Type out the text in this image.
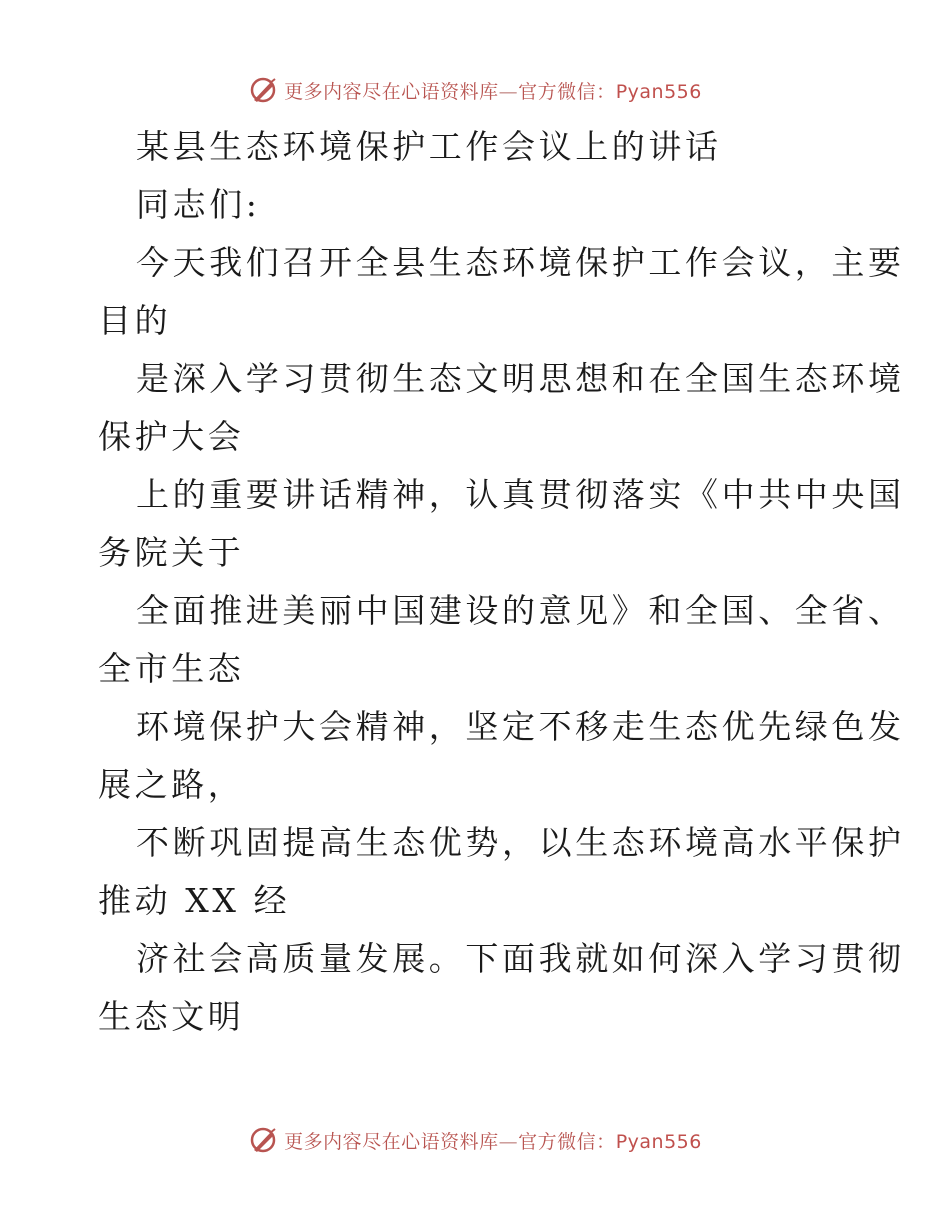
更多内容尽在心语资料库—官方微信：Pyan556
某县生态环境保护工作会议上的讲话
同志们:
今天我们召开全县生态环境保护工作会议，主要
目的
是深入学习贯彻生态文明思想和在全国生态环境
保护大会
上的重要讲话精神，认真贯彻落实《中共中央国
务院关于
全面推进美丽中国建设的意见》和全国、全省、
全市生态
环境保护大会精神，坚定不移走生态优先绿色发
展之路，
不断巩固提高生态优势，以生态环境高水平保护
推动 XX 经
济社会高质量发展。下面我就如何深入学习贯彻
生态文明
更多内容尽在心语资料库—官方微信：Pyan556
